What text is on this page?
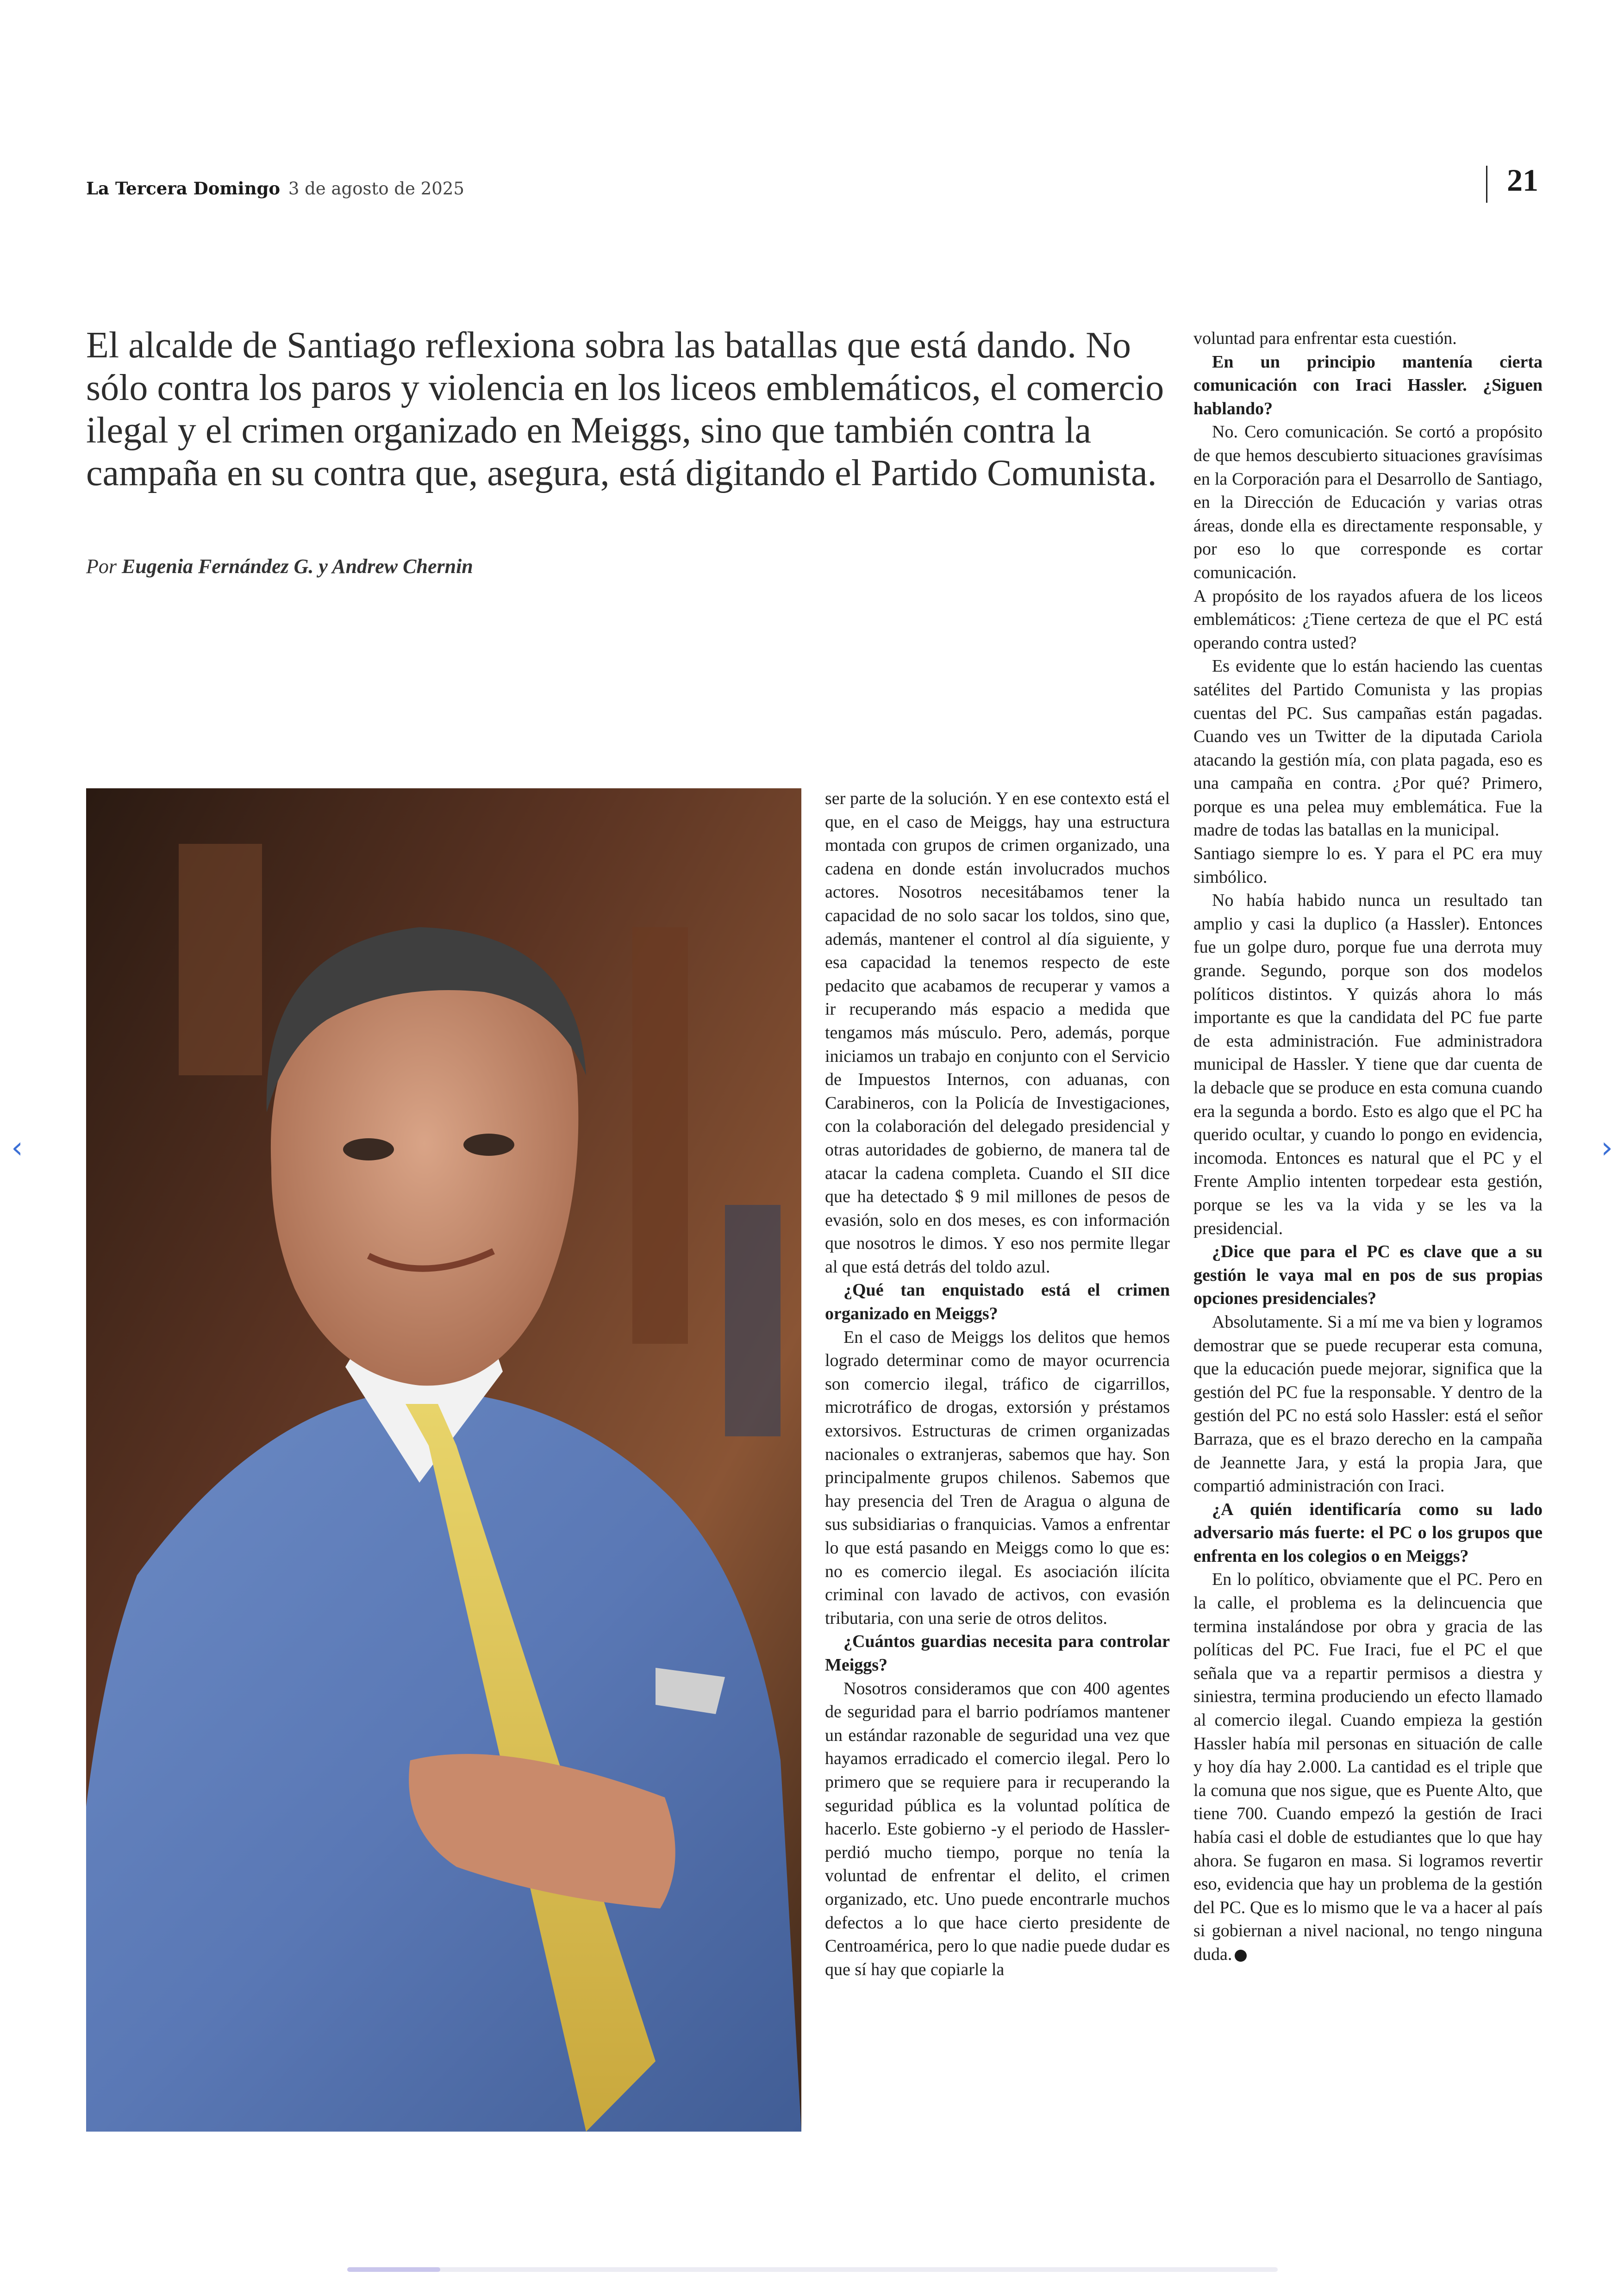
La Tercera Domingo 3 de agosto de 2025	21

El alcalde de Santiago reflexiona sobra las batallas que está dando. No sólo contra los paros y violencia en los liceos emblemáticos, el comercio ilegal y el crimen organizado en Meiggs, sino que también contra la campaña en su contra que, asegura, está digitando el Partido Comunista.

Por Eugenia Fernández G. y Andrew Chernin

ser parte de la solución. Y en ese contexto está el que, en el caso de Meiggs, hay una estructura montada con grupos de crimen organizado, una cadena en donde están involucrados muchos actores. Nosotros necesitábamos tener la capacidad de no solo sacar los toldos, sino que, además, mantener el control al día siguiente, y esa capacidad la tenemos respecto de este pedacito que acabamos de recuperar y vamos a ir recuperando más espacio a medida que tengamos más músculo. Pero, además, porque iniciamos un trabajo en conjunto con el Servicio de Impuestos Internos, con aduanas, con Carabineros, con la Policía de Investigaciones, con la colaboración del delegado presidencial y otras autoridades de gobierno, de manera tal de atacar la cadena completa. Cuando el SII dice que ha detectado $ 9 mil millones de pesos de evasión, solo en dos meses, es con información que nosotros le dimos. Y eso nos permite llegar al que está detrás del toldo azul.

¿Qué tan enquistado está el crimen organizado en Meiggs?

En el caso de Meiggs los delitos que hemos logrado determinar como de mayor ocurrencia son comercio ilegal, tráfico de cigarrillos, microtráfico de drogas, extorsión y préstamos extorsivos. Estructuras de crimen organizadas nacionales o extranjeras, sabemos que hay. Son principalmente grupos chilenos. Sabemos que hay presencia del Tren de Aragua o alguna de sus subsidiarias o franquicias. Vamos a enfrentar lo que está pasando en Meiggs como lo que es: no es comercio ilegal. Es asociación ilícita criminal con lavado de activos, con evasión tributaria, con una serie de otros delitos.

¿Cuántos guardias necesita para controlar Meiggs?

Nosotros consideramos que con 400 agentes de seguridad para el barrio podríamos mantener un estándar razonable de seguridad una vez que hayamos erradicado el comercio ilegal. Pero lo primero que se requiere para ir recuperando la seguridad pública es la voluntad política de hacerlo. Este gobierno -y el periodo de Hassler- perdió mucho tiempo, porque no tenía la voluntad de enfrentar el delito, el crimen organizado, etc. Uno puede encontrarle muchos defectos a lo que hace cierto presidente de Centroamérica, pero lo que nadie puede dudar es que sí hay que copiarle la

voluntad para enfrentar esta cuestión.

En un principio mantenía cierta comunicación con Iraci Hassler. ¿Siguen hablando?

No. Cero comunicación. Se cortó a propósito de que hemos descubierto situaciones gravísimas en la Corporación para el Desarrollo de Santiago, en la Dirección de Educación y varias otras áreas, donde ella es directamente responsable, y por eso lo que corresponde es cortar comunicación.

A propósito de los rayados afuera de los liceos emblemáticos: ¿Tiene certeza de que el PC está operando contra usted?

Es evidente que lo están haciendo las cuentas satélites del Partido Comunista y las propias cuentas del PC. Sus campañas están pagadas. Cuando ves un Twitter de la diputada Cariola atacando la gestión mía, con plata pagada, eso es una campaña en contra. ¿Por qué? Primero, porque es una pelea muy emblemática. Fue la madre de todas las batallas en la municipal.

Santiago siempre lo es. Y para el PC era muy simbólico.

No había habido nunca un resultado tan amplio y casi la duplico (a Hassler). Entonces fue un golpe duro, porque fue una derrota muy grande. Segundo, porque son dos modelos políticos distintos. Y quizás ahora lo más importante es que la candidata del PC fue parte de esta administración. Fue administradora municipal de Hassler. Y tiene que dar cuenta de la debacle que se produce en esta comuna cuando era la segunda a bordo. Esto es algo que el PC ha querido ocultar, y cuando lo pongo en evidencia, incomoda. Entonces es natural que el PC y el Frente Amplio intenten torpedear esta gestión, porque se les va la vida y se les va la presidencial.

¿Dice que para el PC es clave que a su gestión le vaya mal en pos de sus propias opciones presidenciales?

Absolutamente. Si a mí me va bien y logramos demostrar que se puede recuperar esta comuna, que la educación puede mejorar, significa que la gestión del PC fue la responsable. Y dentro de la gestión del PC no está solo Hassler: está el señor Barraza, que es el brazo derecho en la campaña de Jeannette Jara, y está la propia Jara, que compartió administración con Iraci.

¿A quién identificaría como su lado adversario más fuerte: el PC o los grupos que enfrenta en los colegios o en Meiggs?

En lo político, obviamente que el PC. Pero en la calle, el problema es la delincuencia que termina instalándose por obra y gracia de las políticas del PC. Fue Iraci, fue el PC el que señala que va a repartir permisos a diestra y siniestra, termina produciendo un efecto llamado al comercio ilegal. Cuando empieza la gestión Hassler había mil personas en situación de calle y hoy día hay 2.000. La cantidad es el triple que la comuna que nos sigue, que es Puente Alto, que tiene 700. Cuando empezó la gestión de Iraci había casi el doble de estudiantes que lo que hay ahora. Se fugaron en masa. Si logramos revertir eso, evidencia que hay un problema de la gestión del PC. Que es lo mismo que le va a hacer al país si gobiernan a nivel nacional, no tengo ninguna duda.

‹	›
